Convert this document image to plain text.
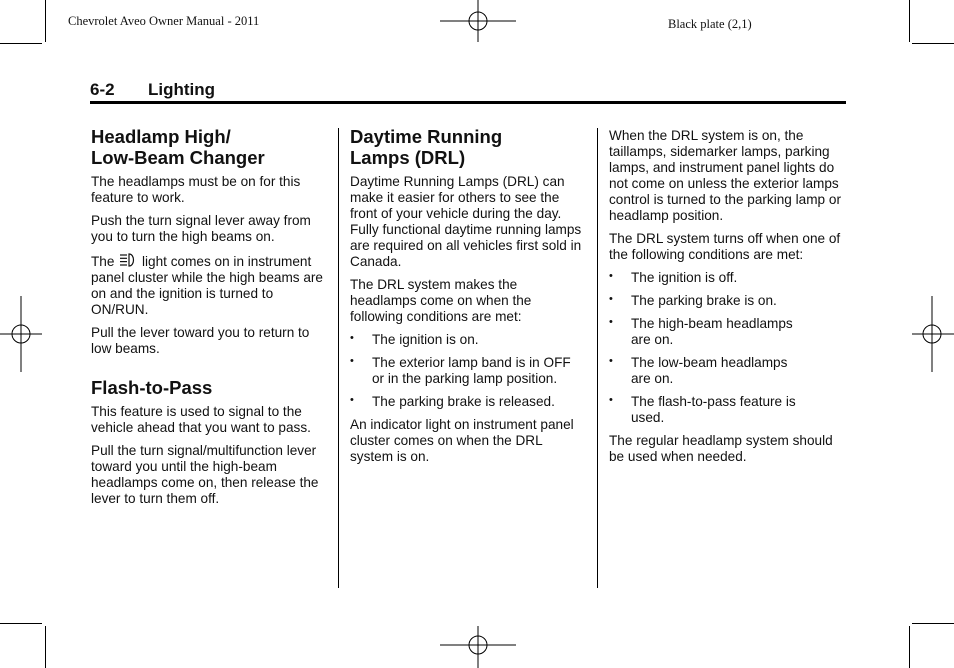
Chevrolet Aveo Owner Manual - 2011	Black plate (2,1)
6-2 Lighting
Headlamp High/
Low-Beam Changer

The headlamps must be on for this feature to work.

Push the turn signal lever away from you to turn the high beams on.

The light comes on in instrument panel cluster while the high beams are on and the ignition is turned to ON/RUN.

Pull the lever toward you to return to low beams.

Flash-to-Pass

This feature is used to signal to the vehicle ahead that you want to pass.

Pull the turn signal/multifunction lever toward you until the high-beam headlamps come on, then release the lever to turn them off.

Daytime Running
Lamps (DRL)

Daytime Running Lamps (DRL) can make it easier for others to see the front of your vehicle during the day. Fully functional daytime running lamps are required on all vehicles first sold in Canada.

The DRL system makes the headlamps come on when the following conditions are met:

• The ignition is on.
• The exterior lamp band is in OFF or in the parking lamp position.
• The parking brake is released.

An indicator light on instrument panel cluster comes on when the DRL system is on.

When the DRL system is on, the taillamps, sidemarker lamps, parking lamps, and instrument panel lights do not come on unless the exterior lamps control is turned to the parking lamp or headlamp position.

The DRL system turns off when one of the following conditions are met:

• The ignition is off.
• The parking brake is on.
• The high-beam headlamps are on.
• The low-beam headlamps are on.
• The flash-to-pass feature is used.

The regular headlamp system should be used when needed.
